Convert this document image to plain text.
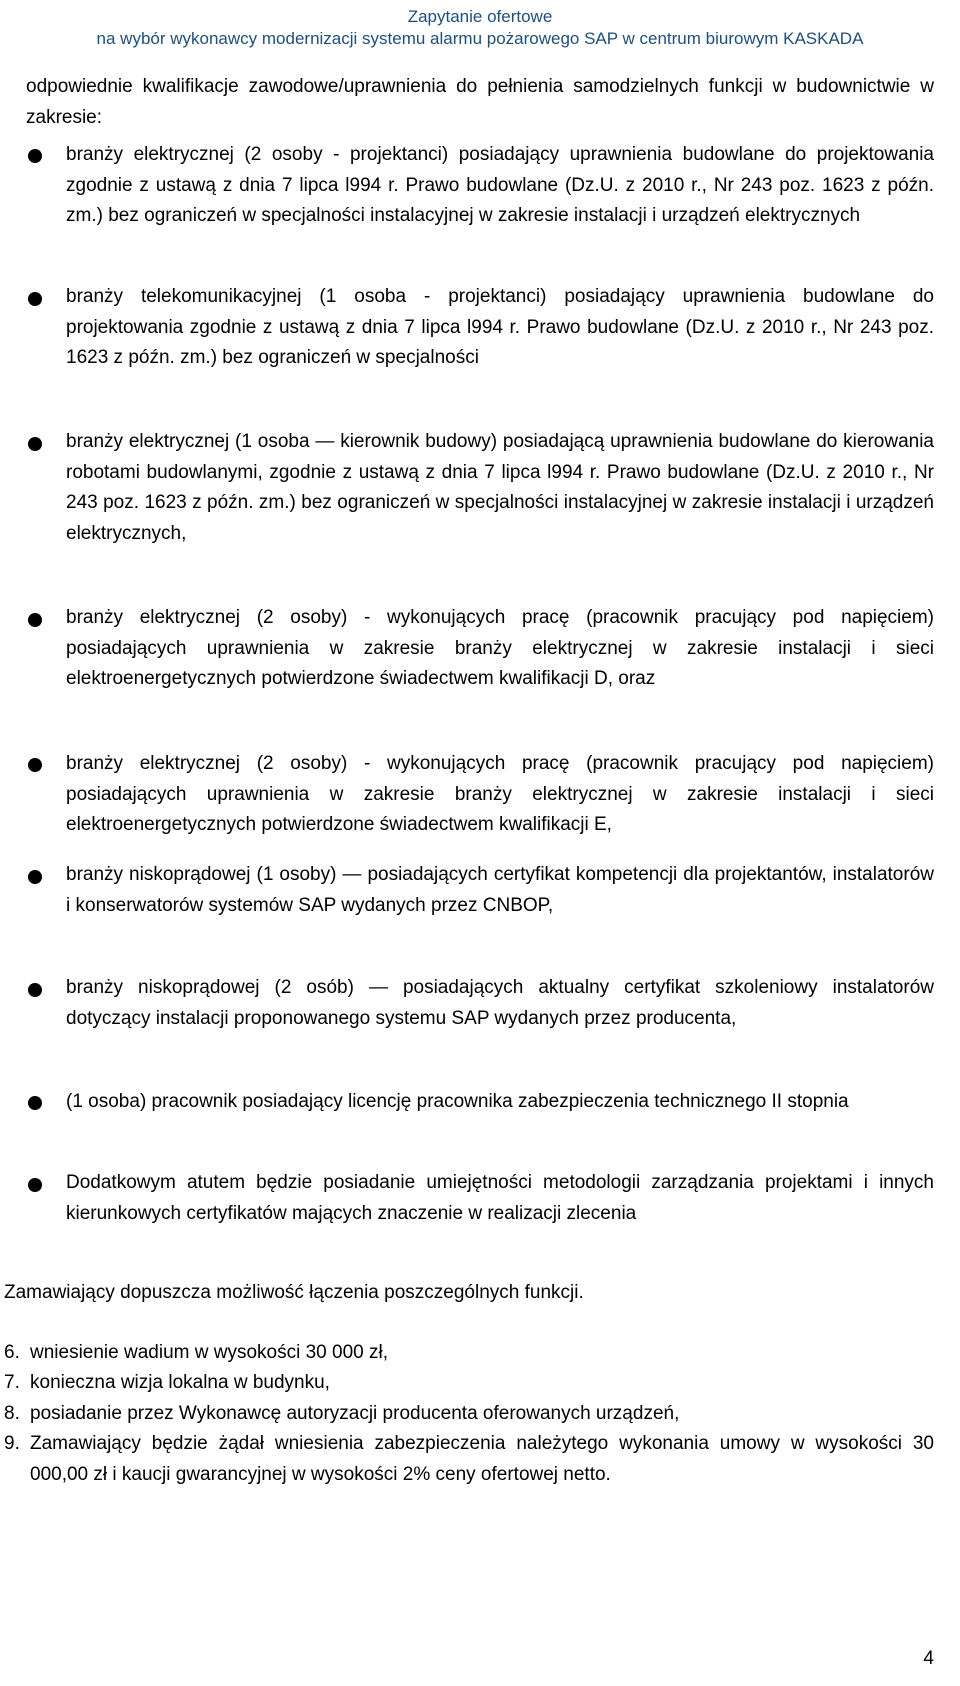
Zapytanie ofertowe
na wybór wykonawcy modernizacji systemu alarmu pożarowego SAP w centrum biurowym KASKADA
odpowiednie kwalifikacje zawodowe/uprawnienia do pełnienia samodzielnych funkcji w budownictwie w zakresie:
branży elektrycznej (2 osoby - projektanci) posiadający uprawnienia budowlane do projektowania zgodnie z ustawą z dnia 7 lipca l994 r. Prawo budowlane (Dz.U. z 2010 r., Nr 243 poz. 1623 z późn. zm.) bez ograniczeń w specjalności instalacyjnej w zakresie instalacji i urządzeń elektrycznych
branży telekomunikacyjnej (1 osoba - projektanci) posiadający uprawnienia budowlane do projektowania zgodnie z ustawą z dnia 7 lipca l994 r. Prawo budowlane (Dz.U. z 2010 r., Nr 243 poz. 1623 z późn. zm.) bez ograniczeń w specjalności
branży elektrycznej (1 osoba — kierownik budowy) posiadającą uprawnienia budowlane do kierowania robotami budowlanymi, zgodnie z ustawą z dnia 7 lipca l994 r. Prawo budowlane (Dz.U. z 2010 r., Nr 243 poz. 1623 z późn. zm.) bez ograniczeń w specjalności instalacyjnej w zakresie instalacji i urządzeń elektrycznych,
branży elektrycznej (2 osoby) - wykonujących pracę (pracownik pracujący pod napięciem) posiadających uprawnienia w zakresie branży elektrycznej w zakresie instalacji i sieci elektroenergetycznych potwierdzone świadectwem kwalifikacji D, oraz
branży elektrycznej (2 osoby) - wykonujących pracę (pracownik pracujący pod napięciem) posiadających uprawnienia w zakresie branży elektrycznej w zakresie instalacji i sieci elektroenergetycznych potwierdzone świadectwem kwalifikacji E,
branży niskoprądowej (1 osoby) — posiadających certyfikat kompetencji dla projektantów, instalatorów i konserwatorów systemów SAP wydanych przez CNBOP,
branży niskoprądowej (2 osób) — posiadających aktualny certyfikat szkoleniowy instalatorów dotyczący instalacji proponowanego systemu SAP wydanych przez producenta,
(1 osoba) pracownik posiadający licencję pracownika zabezpieczenia technicznego II stopnia
Dodatkowym atutem będzie posiadanie umiejętności metodologii zarządzania projektami i innych kierunkowych certyfikatów mających znaczenie w realizacji zlecenia
Zamawiający dopuszcza możliwość łączenia poszczególnych funkcji.
6. wniesienie wadium w wysokości 30 000 zł,
7. konieczna wizja lokalna w budynku,
8. posiadanie przez Wykonawcę autoryzacji producenta oferowanych urządzeń,
9. Zamawiający będzie żądał wniesienia zabezpieczenia należytego wykonania umowy w wysokości 30 000,00 zł i kaucji gwarancyjnej w wysokości 2% ceny ofertowej netto.
4
